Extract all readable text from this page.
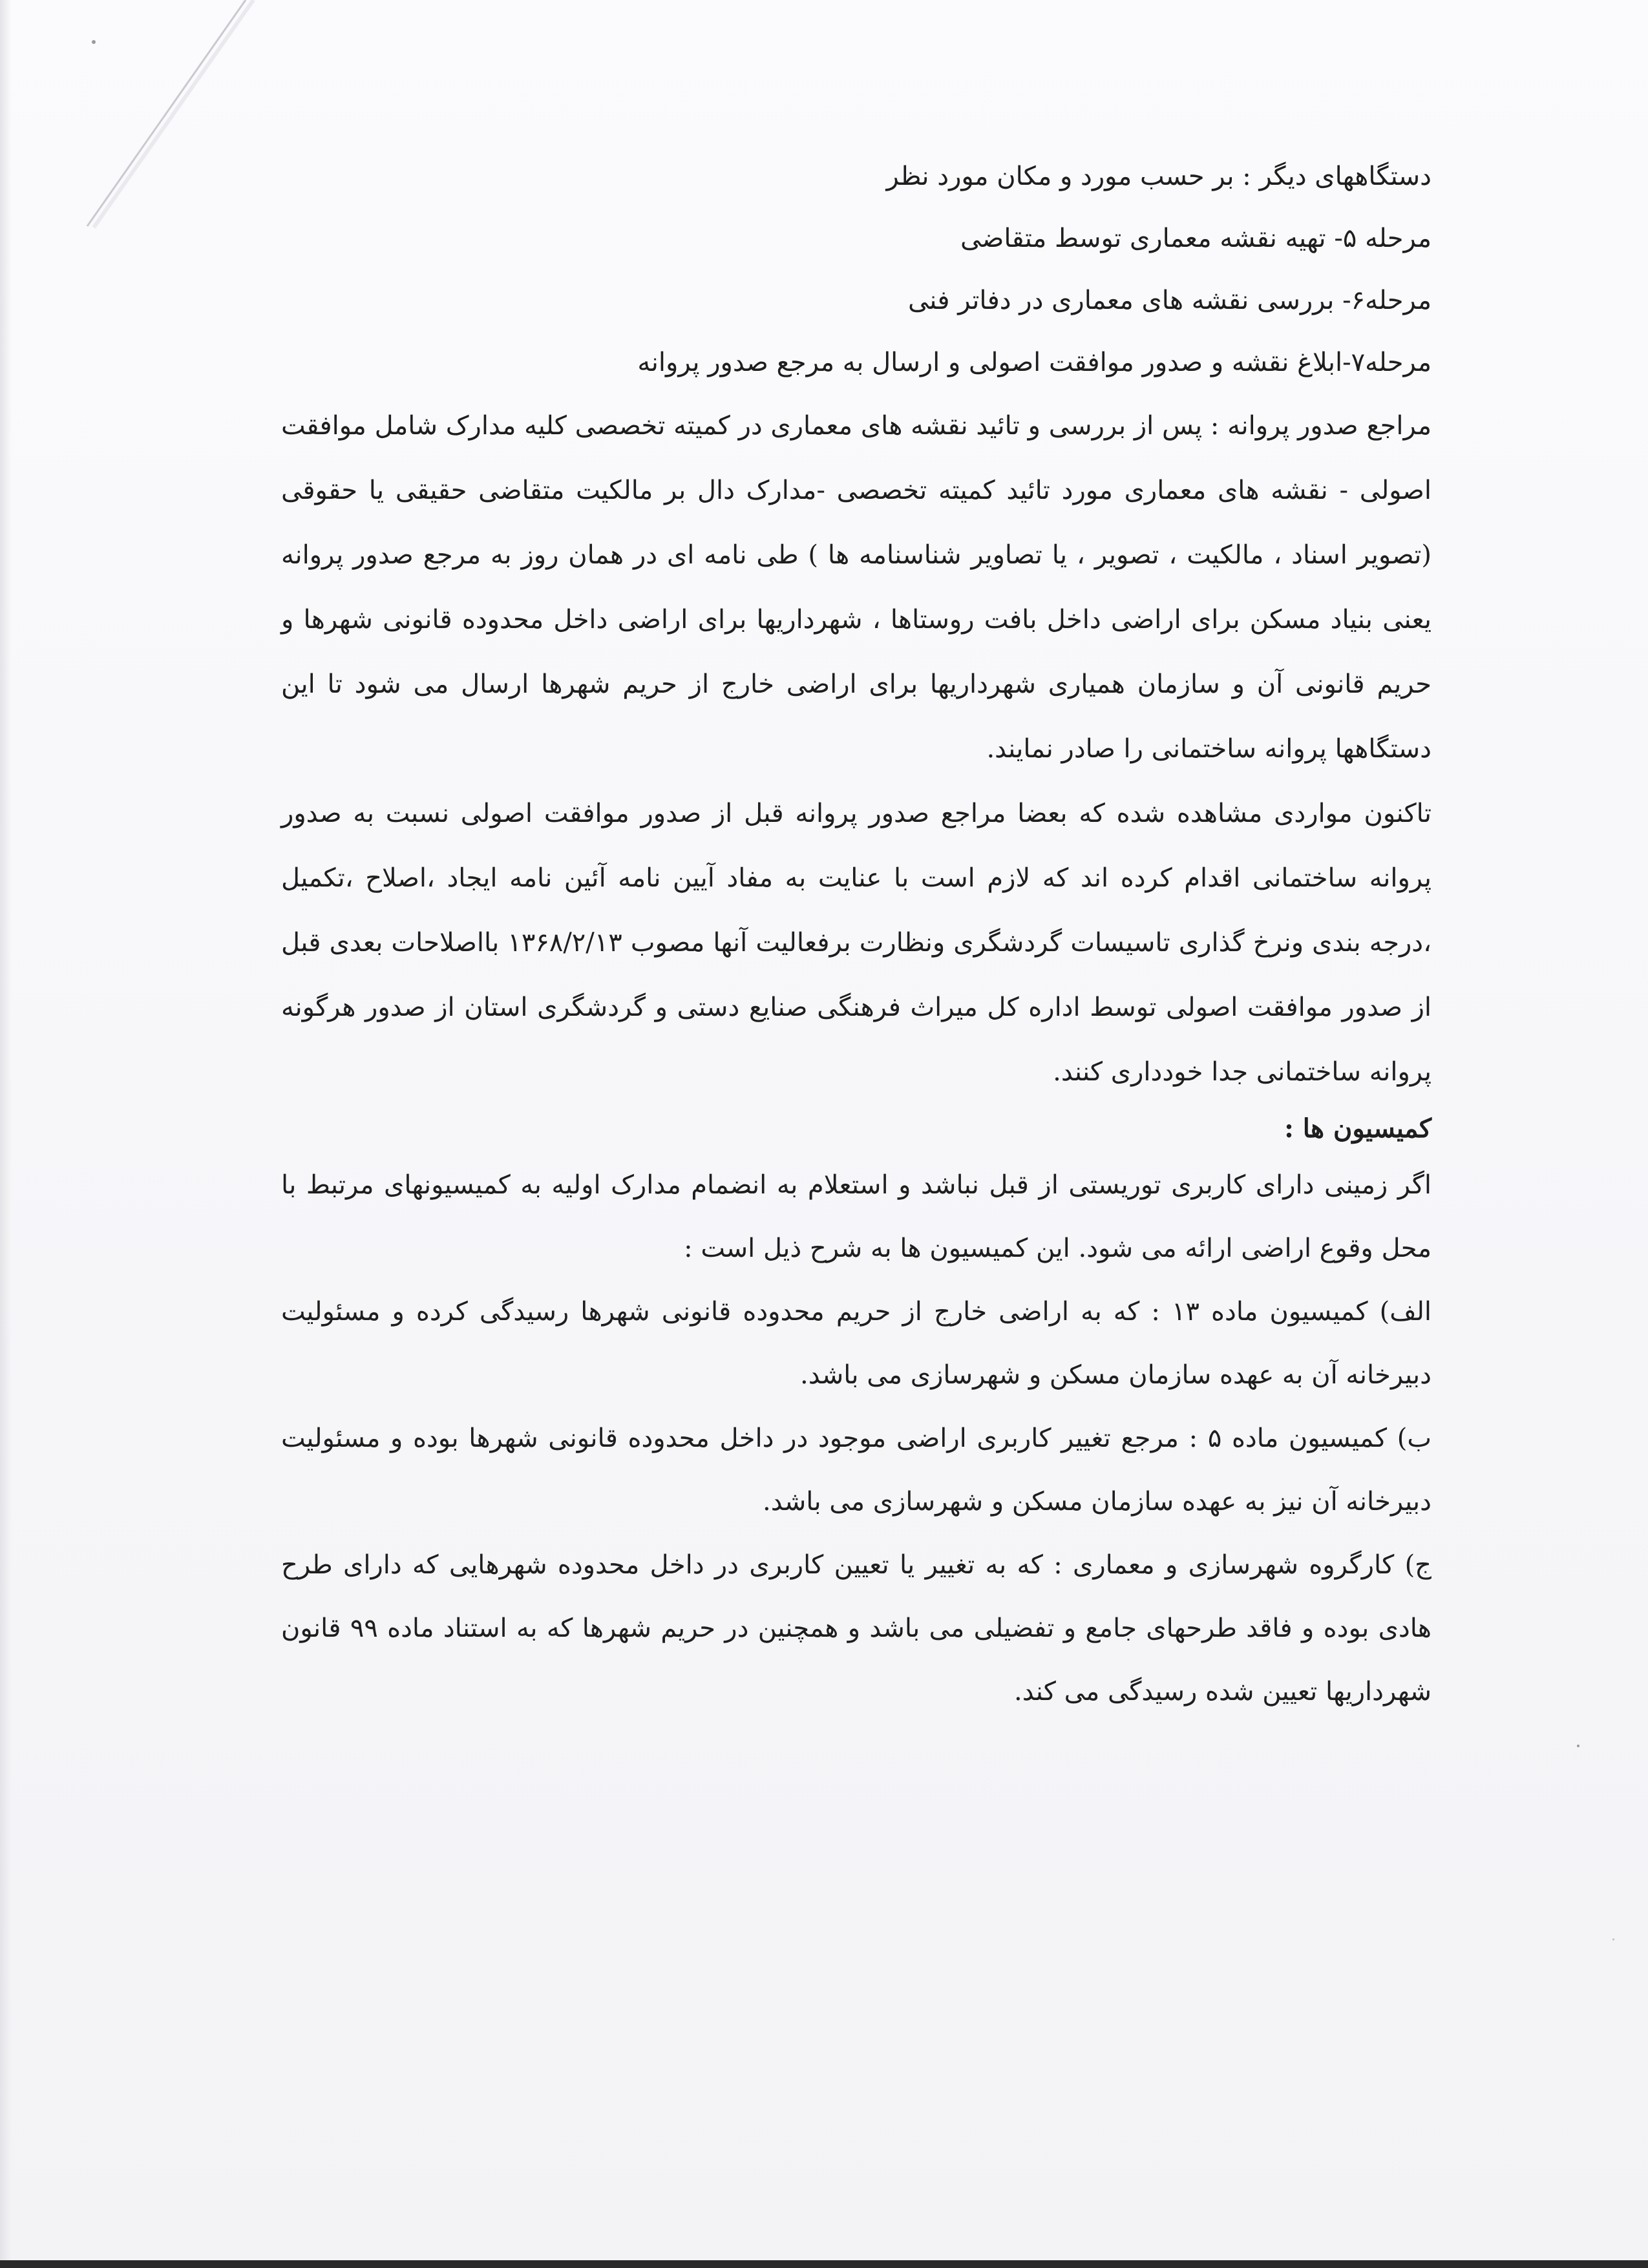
دستگاههای دیگر : بر حسب مورد و مکان مورد نظر

مرحله ۵- تهیه نقشه معماری توسط متقاضی

مرحله۶- بررسی نقشه های معماری در دفاتر فنی

مرحله۷-ابلاغ نقشه و صدور موافقت اصولی و ارسال به مرجع صدور پروانه

مراجع صدور پروانه : پس از بررسی و تائید نقشه های معماری در کمیته تخصصی کلیه مدارک شامل موافقت اصولی - نقشه های معماری مورد تائید کمیته تخصصی -مدارک دال بر مالکیت متقاضی حقیقی یا حقوقی (تصویر اسناد ، مالکیت ، تصویر ، یا تصاویر شناسنامه ها ) طی نامه ای در همان روز به مرجع صدور پروانه یعنی بنیاد مسکن برای اراضی داخل بافت روستاها ، شهرداریها برای اراضی داخل محدوده قانونی شهرها و حریم قانونی آن و سازمان همیاری شهرداریها برای اراضی خارج از حریم شهرها ارسال می شود تا این دستگاهها پروانه ساختمانی را صادر نمایند.

تاکنون مواردی مشاهده شده که بعضا مراجع صدور پروانه قبل از صدور موافقت اصولی نسبت به صدور پروانه ساختمانی اقدام کرده اند که لازم است با عنایت به مفاد آیین نامه آئین نامه ایجاد ،اصلاح ،تکمیل ،درجه بندی ونرخ گذاری تاسیسات گردشگری ونظارت برفعالیت آنها مصوب ۱۳۶۸/۲/۱۳ بااصلاحات بعدی قبل از صدور موافقت اصولی توسط اداره کل میراث فرهنگی صنایع دستی و گردشگری استان از صدور هرگونه پروانه ساختمانی جدا خودداری کنند.

کمیسیون ها :

اگر زمینی دارای کاربری توریستی از قبل نباشد و استعلام به انضمام مدارک اولیه به کمیسیونهای مرتبط با محل وقوع اراضی ارائه می شود. این کمیسیون ها به شرح ذیل است :

الف) کمیسیون ماده ۱۳ : که به اراضی خارج از حریم محدوده قانونی شهرها رسیدگی کرده و مسئولیت دبیرخانه آن به عهده سازمان مسکن و شهرسازی می باشد.

ب) کمیسیون ماده ۵ : مرجع تغییر کاربری اراضی موجود در داخل محدوده قانونی شهرها بوده و مسئولیت دبیرخانه آن نیز به عهده سازمان مسکن و شهرسازی می باشد.

ج) کارگروه شهرسازی و معماری : که به تغییر یا تعیین کاربری در داخل محدوده شهرهایی که دارای طرح هادی بوده و فاقد طرحهای جامع و تفضیلی می باشد و همچنین در حریم شهرها که به استناد ماده ۹۹ قانون شهرداریها تعیین شده رسیدگی می کند.
